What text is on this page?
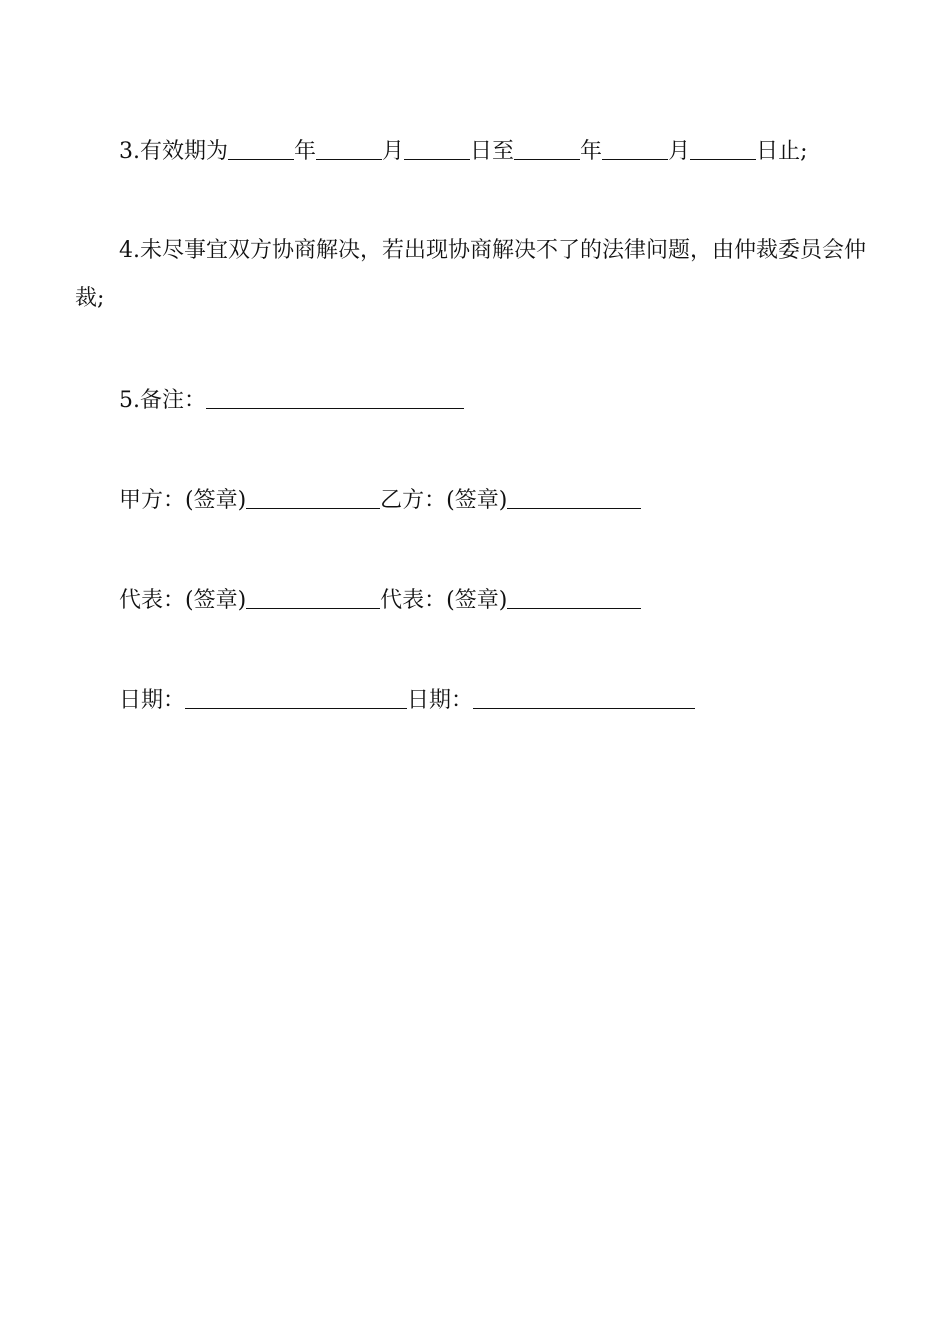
3.有效期为	年	月	日至	年	月	日止;
4.未尽事宜双方协商解决，若出现协商解决不了的法律问题，由仲裁委员会仲裁;
5.备注：
甲方：(签章)	乙方：(签章)
代表：(签章)	代表：(签章)
日期：	日期：
